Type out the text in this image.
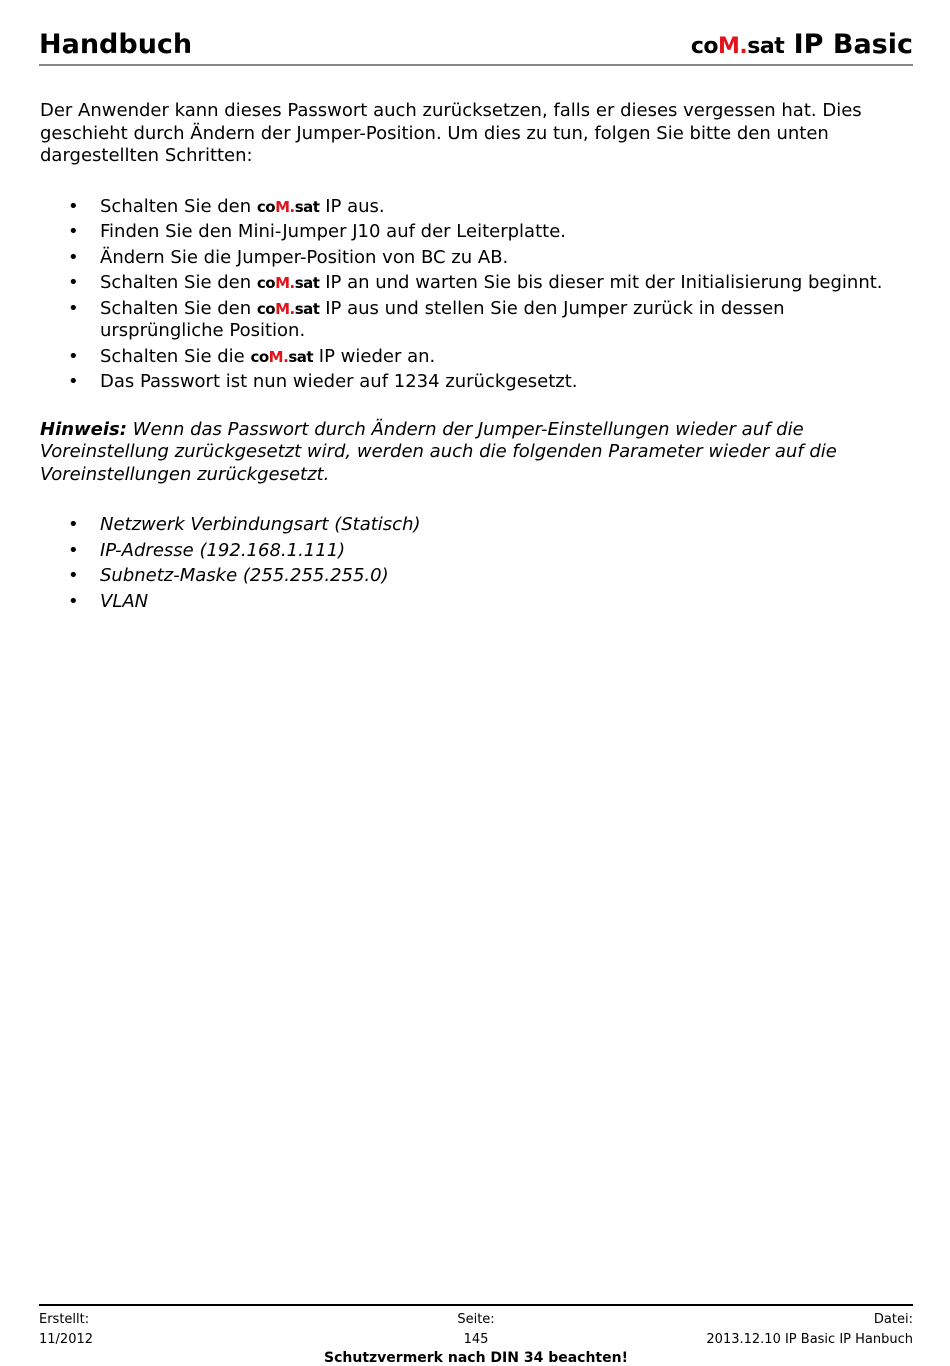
Handbuch	coM.sat IP Basic

Der Anwender kann dieses Passwort auch zurücksetzen, falls er dieses vergessen hat. Dies geschieht durch Ändern der Jumper-Position. Um dies zu tun, folgen Sie bitte den unten dargestellten Schritten:

• Schalten Sie den coM.sat IP aus.
• Finden Sie den Mini-Jumper J10 auf der Leiterplatte.
• Ändern Sie die Jumper-Position von BC zu AB.
• Schalten Sie den coM.sat IP an und warten Sie bis dieser mit der Initialisierung beginnt.
• Schalten Sie den coM.sat IP aus und stellen Sie den Jumper zurück in dessen ursprüngliche Position.
• Schalten Sie die coM.sat IP wieder an.
• Das Passwort ist nun wieder auf 1234 zurückgesetzt.

Hinweis: Wenn das Passwort durch Ändern der Jumper-Einstellungen wieder auf die Voreinstellung zurückgesetzt wird, werden auch die folgenden Parameter wieder auf die Voreinstellungen zurückgesetzt.

• Netzwerk Verbindungsart (Statisch)
• IP-Adresse (192.168.1.111)
• Subnetz-Maske (255.255.255.0)
• VLAN
Seite:
145
Erstellt:
11/2012
Datei:
2013.12.10 IP Basic IP Hanbuch
Schutzvermerk nach DIN 34 beachten!
